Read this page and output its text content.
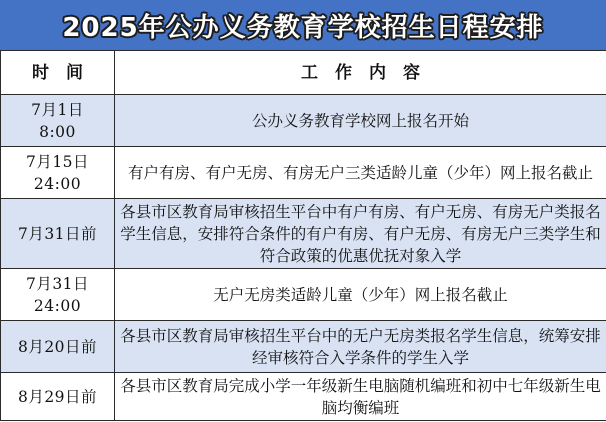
2025年公办义务教育学校招生日程安排
时　间	工　作　内　容

7月1日
8:00	公办义务教育学校网上报名开始

7月15日
24:00	有户有房、有户无房、有房无户三类适龄儿童（少年）网上报名截止

7月31日前	各县市区教育局审核招生平台中有户有房、有户无房、有房无户类报名学生信息，安排符合条件的有户有房、有户无房、有房无户三类学生和符合政策的优惠优抚对象入学

7月31日
24:00	无户无房类适龄儿童（少年）网上报名截止

8月20日前	各县市区教育局审核招生平台中的无户无房类报名学生信息，统筹安排经审核符合入学条件的学生入学

8月29日前	各县市区教育局完成小学一年级新生电脑随机编班和初中七年级新生电脑均衡编班
